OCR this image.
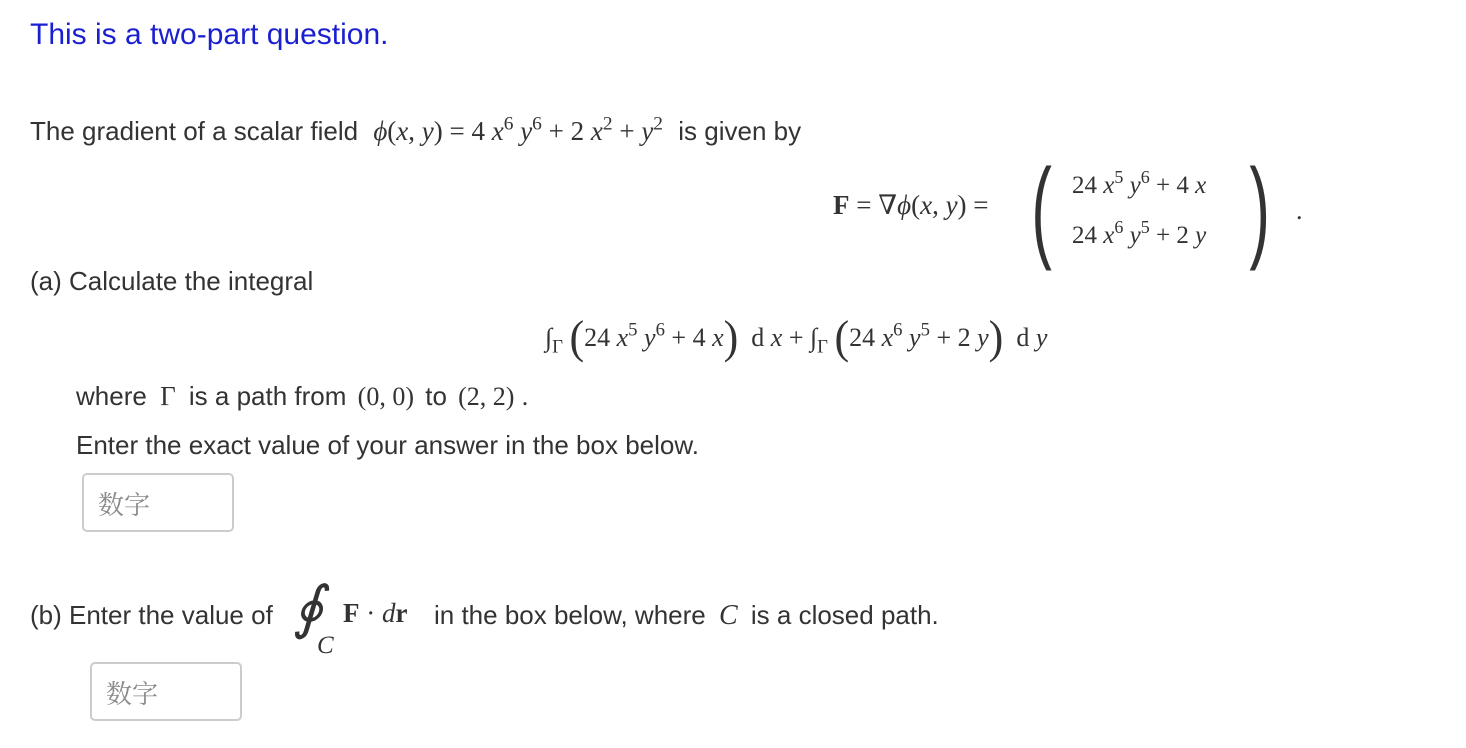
This is a two-part question.
The gradient of a scalar field ϕ(x, y) = 4 $x^6$ $y^6 + 2$ $x^2 + y^2$ is given by
F = ∇ϕ(x, y) = ( 24 $x^5$ $y^6 + 4$ x
24 $x^6$ $y^5 + 2$ y ) .
(a) Calculate the integral
$\int_\Gamma$ (24 $x^5$ $y^6 + 4$ x)  d $x + \int_\Gamma$ (24 $x^6$ $y^5 + 2$ y)  d y
where Γ is a path from (0, 0) to (2, 2) .
Enter the exact value of your answer in the box below.
数字
(b) Enter the value of ∮
C
F · dr in the box below, where C is a closed path.
数字
